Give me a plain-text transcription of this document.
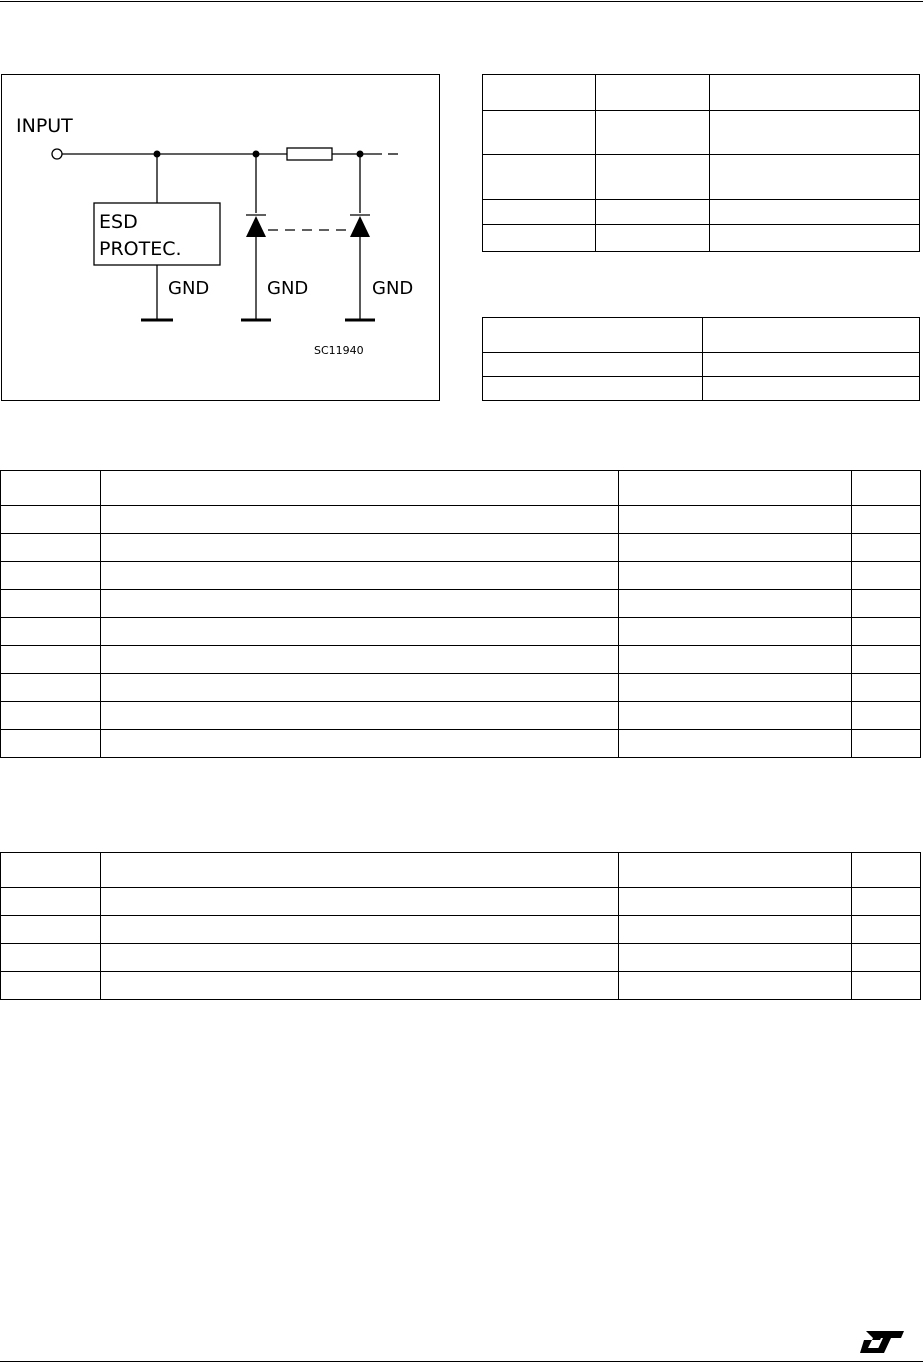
INPUT
ESD
PROTEC.
GND	GND	GND
SC11940
